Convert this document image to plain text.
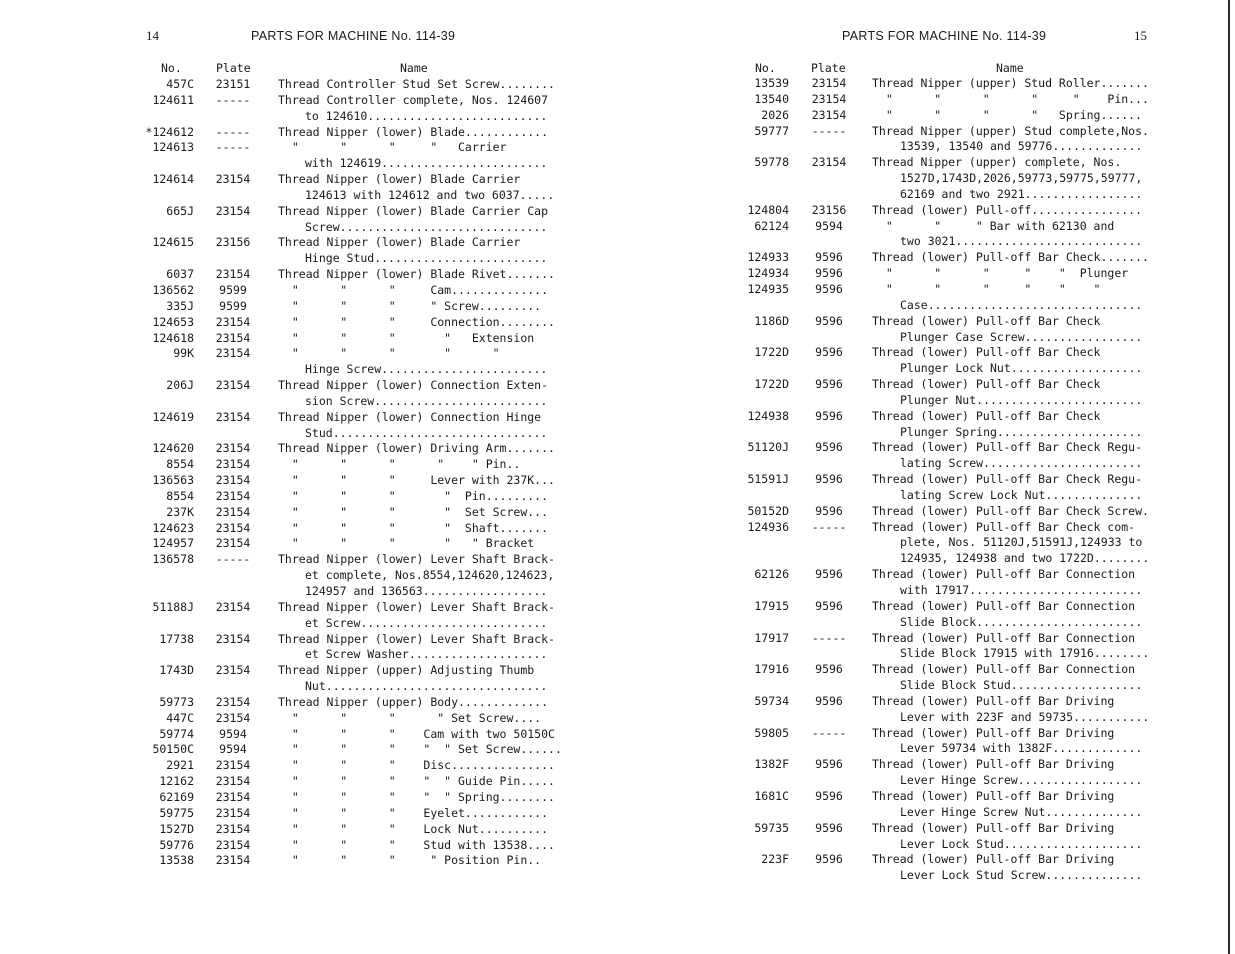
14	PARTS FOR MACHINE No. 114-39
No.	Plate	Name
457C	23151	Thread Controller Stud Set Screw........
124611	-----	Thread Controller complete, Nos. 124607
to 124610..........................
*124612	-----	Thread Nipper (lower) Blade............
124613	-----	"      "      "     "   Carrier
with 124619........................
124614	23154	Thread Nipper (lower) Blade Carrier
124613 with 124612 and two 6037.....
665J	23154	Thread Nipper (lower) Blade Carrier Cap
Screw..............................
124615	23156	Thread Nipper (lower) Blade Carrier
Hinge Stud.........................
6037	23154	Thread Nipper (lower) Blade Rivet.......
136562	9599	"      "      "     Cam..............
335J	9599	"      "      "     " Screw.........
124653	23154	"      "      "     Connection........
124618	23154	"      "      "       "   Extension
99K	23154	"      "      "       "      "
Hinge Screw........................
206J	23154	Thread Nipper (lower) Connection Exten-
sion Screw.........................
124619	23154	Thread Nipper (lower) Connection Hinge
Stud...............................
124620	23154	Thread Nipper (lower) Driving Arm.......
8554	23154	"      "      "      "    " Pin..
136563	23154	"      "      "     Lever with 237K...
8554	23154	"      "      "       "  Pin.........
237K	23154	"      "      "       "  Set Screw...
124623	23154	"      "      "       "  Shaft.......
124957	23154	"      "      "       "   " Bracket
136578	-----	Thread Nipper (lower) Lever Shaft Brack-
et complete, Nos.8554,124620,124623,
124957 and 136563..................
51188J	23154	Thread Nipper (lower) Lever Shaft Brack-
et Screw...........................
17738	23154	Thread Nipper (lower) Lever Shaft Brack-
et Screw Washer....................
1743D	23154	Thread Nipper (upper) Adjusting Thumb
Nut................................
59773	23154	Thread Nipper (upper) Body.............
447C	23154	"      "      "      " Set Screw....
59774	9594	"      "      "    Cam with two 50150C
50150C	9594	"      "      "    "  " Set Screw......
2921	23154	"      "      "    Disc...............
12162	23154	"      "      "    "  " Guide Pin.....
62169	23154	"      "      "    "  " Spring........
59775	23154	"      "      "    Eyelet............
1527D	23154	"      "      "    Lock Nut..........
59776	23154	"      "      "    Stud with 13538....
13538	23154	"      "      "     " Position Pin..
PARTS FOR MACHINE No. 114-39	15
No.	Plate	Name
13539	23154	Thread Nipper (upper) Stud Roller.......
13540	23154	"      "      "      "     "    Pin...
2026	23154	"      "      "      "   Spring......
59777	-----	Thread Nipper (upper) Stud complete,Nos.
13539, 13540 and 59776.............
59778	23154	Thread Nipper (upper) complete, Nos.
1527D,1743D,2026,59773,59775,59777,
62169 and two 2921.................
124804	23156	Thread (lower) Pull-off................
62124	9594	"      "     " Bar with 62130 and
two 3021...........................
124933	9596	Thread (lower) Pull-off Bar Check.......
124934	9596	"      "      "     "    "  Plunger
124935	9596	"      "      "     "    "    "
Case...............................
1186D	9596	Thread (lower) Pull-off Bar Check
Plunger Case Screw.................
1722D	9596	Thread (lower) Pull-off Bar Check
Plunger Lock Nut...................
1722D	9596	Thread (lower) Pull-off Bar Check
Plunger Nut........................
124938	9596	Thread (lower) Pull-off Bar Check
Plunger Spring.....................
51120J	9596	Thread (lower) Pull-off Bar Check Regu-
lating Screw.......................
51591J	9596	Thread (lower) Pull-off Bar Check Regu-
lating Screw Lock Nut..............
50152D	9596	Thread (lower) Pull-off Bar Check Screw.
124936	-----	Thread (lower) Pull-off Bar Check com-
plete, Nos. 51120J,51591J,124933 to
124935, 124938 and two 1722D........
62126	9596	Thread (lower) Pull-off Bar Connection
with 17917.........................
17915	9596	Thread (lower) Pull-off Bar Connection
Slide Block........................
17917	-----	Thread (lower) Pull-off Bar Connection
Slide Block 17915 with 17916........
17916	9596	Thread (lower) Pull-off Bar Connection
Slide Block Stud...................
59734	9596	Thread (lower) Pull-off Bar Driving
Lever with 223F and 59735...........
59805	-----	Thread (lower) Pull-off Bar Driving
Lever 59734 with 1382F.............
1382F	9596	Thread (lower) Pull-off Bar Driving
Lever Hinge Screw..................
1681C	9596	Thread (lower) Pull-off Bar Driving
Lever Hinge Screw Nut..............
59735	9596	Thread (lower) Pull-off Bar Driving
Lever Lock Stud....................
223F	9596	Thread (lower) Pull-off Bar Driving
Lever Lock Stud Screw..............
